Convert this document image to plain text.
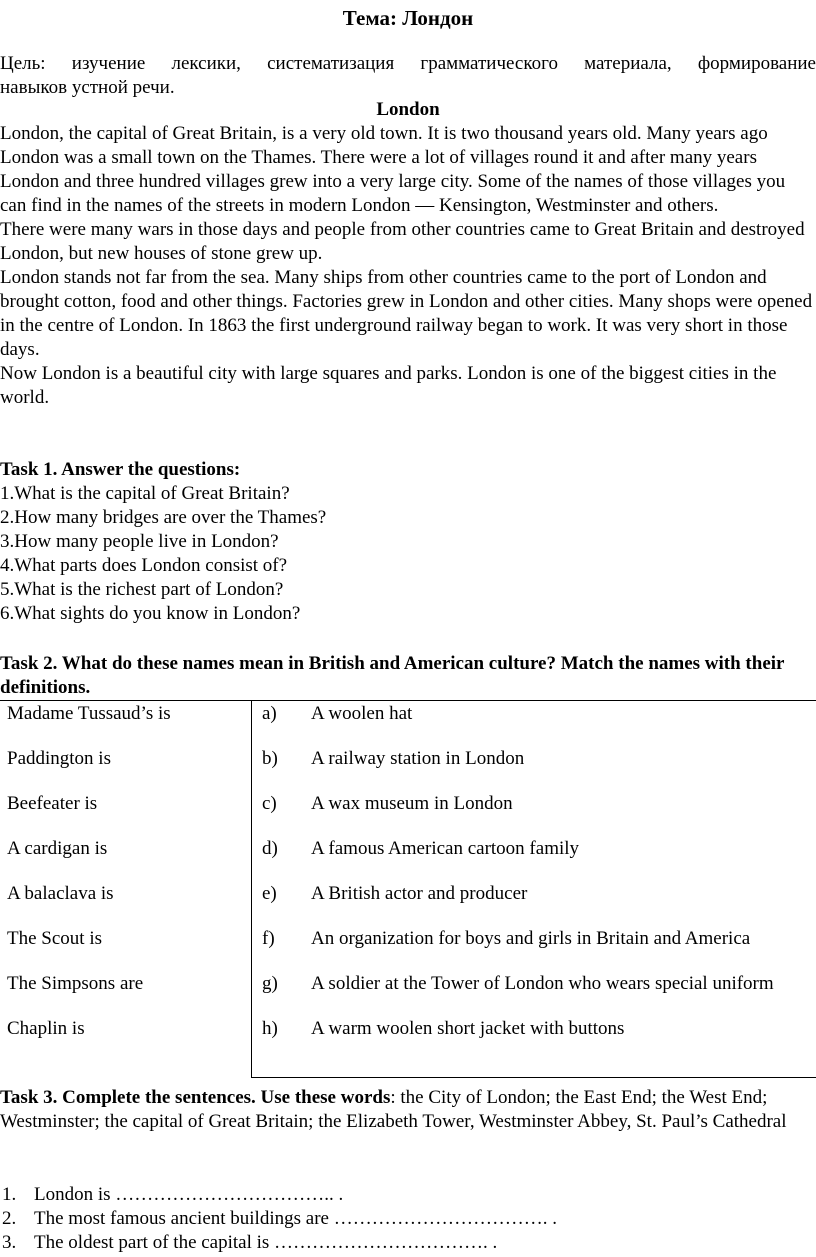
Тема: Лондон
Цель: изучение лексики, систематизация грамматического материала, формирование
навыков устной речи.
London

London, the capital of Great Britain, is a very old town. It is two thousand years old. Many years ago London was a small town on the Thames. There were a lot of villages round it and after many years London and three hundred villages grew into a very large city. Some of the names of those villages you can find in the names of the streets in modern London — Kensington, Westminster and others.

There were many wars in those days and people from other countries came to Great Britain and destroyed London, but new houses of stone grew up.

London stands not far from the sea. Many ships from other countries came to the port of London and brought cotton, food and other things. Factories grew in London and other cities. Many shops were opened in the centre of London. In 1863 the first underground railway began to work. It was very short in those days.

Now London is a beautiful city with large squares and parks. London is one of the biggest cities in the world.

Task 1. Answer the questions:
1.What is the capital of Great Britain?
2.How many bridges are over the Thames?
3.How many people live in London?
4.What parts does London consist of?
5.What is the richest part of London?
6.What sights do you know in London?
Task 2. What do these names mean in British and American culture? Match the names with their definitions.
Madame Tussaud’s is	a)	A woolen hat
Paddington is	b)	A railway station in London
Beefeater is	c)	A wax museum in London
A cardigan is	d)	A famous American cartoon family
A balaclava is	e)	A British actor and producer
The Scout is	f)	An organization for boys and girls in Britain and America
The Simpsons are	g)	A soldier at the Tower of London who wears special uniform
Chaplin is	h)	A warm woolen short jacket with buttons

Task 3. Complete the sentences. Use these words: the City of London; the East End; the West End; Westminster; the capital of Great Britain; the Elizabeth Tower, Westminster Abbey, St. Paul’s Cathedral

1. London is …………………………….. .
2. The most famous ancient buildings are ……………………………. .
3. The oldest part of the capital is ……………………………. .
